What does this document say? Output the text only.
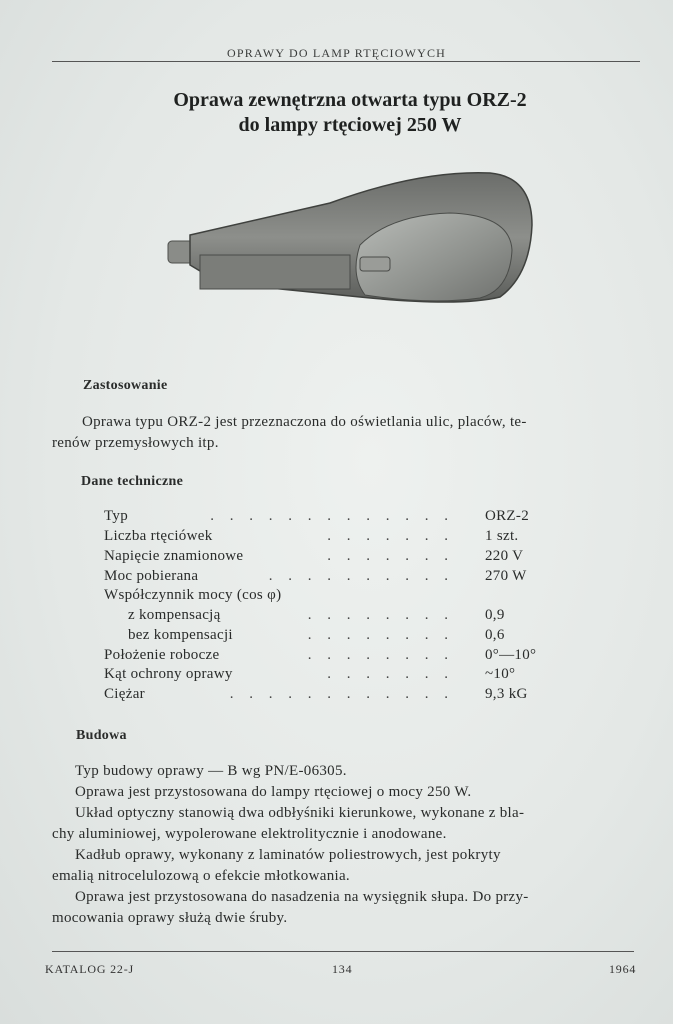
OPRAWY DO LAMP RTĘCIOWYCH
Oprawa zewnętrzna otwarta typu ORZ-2
do lampy rtęciowej 250 W
Zastosowanie
Oprawa typu ORZ-2 jest przeznaczona do oświetlania ulic, placów, te-
renów przemysłowych itp.
Dane techniczne
Typ	. . . . . . . . . . . . . ORZ-2
Liczba rtęciówek	. . . . . . . 1 szt.
Napięcie znamionowe	. . . . . . . 220 V
Moc pobierana	. . . . . . . . . . 270 W
Współczynnik mocy (cos φ)
z kompensacją	. . . . . . . . 0,9
bez kompensacji	. . . . . . . . 0,6
Położenie robocze	. . . . . . . . 0°—10°
Kąt ochrony oprawy	. . . . . . . ~10°
Ciężar	. . . . . . . . . . . . 9,3 kG
Budowa
Typ budowy oprawy — B wg PN/E-06305.
Oprawa jest przystosowana do lampy rtęciowej o mocy 250 W.
Układ optyczny stanowią dwa odbłyśniki kierunkowe, wykonane z bla-
chy aluminiowej, wypolerowane elektrolitycznie i anodowane.
Kadłub oprawy, wykonany z laminatów poliestrowych, jest pokryty
emalią nitrocelulozową o efekcie młotkowania.
Oprawa jest przystosowana do nasadzenia na wysięgnik słupa. Do przy-
mocowania oprawy służą dwie śruby.
KATALOG 22-J	134	1964
